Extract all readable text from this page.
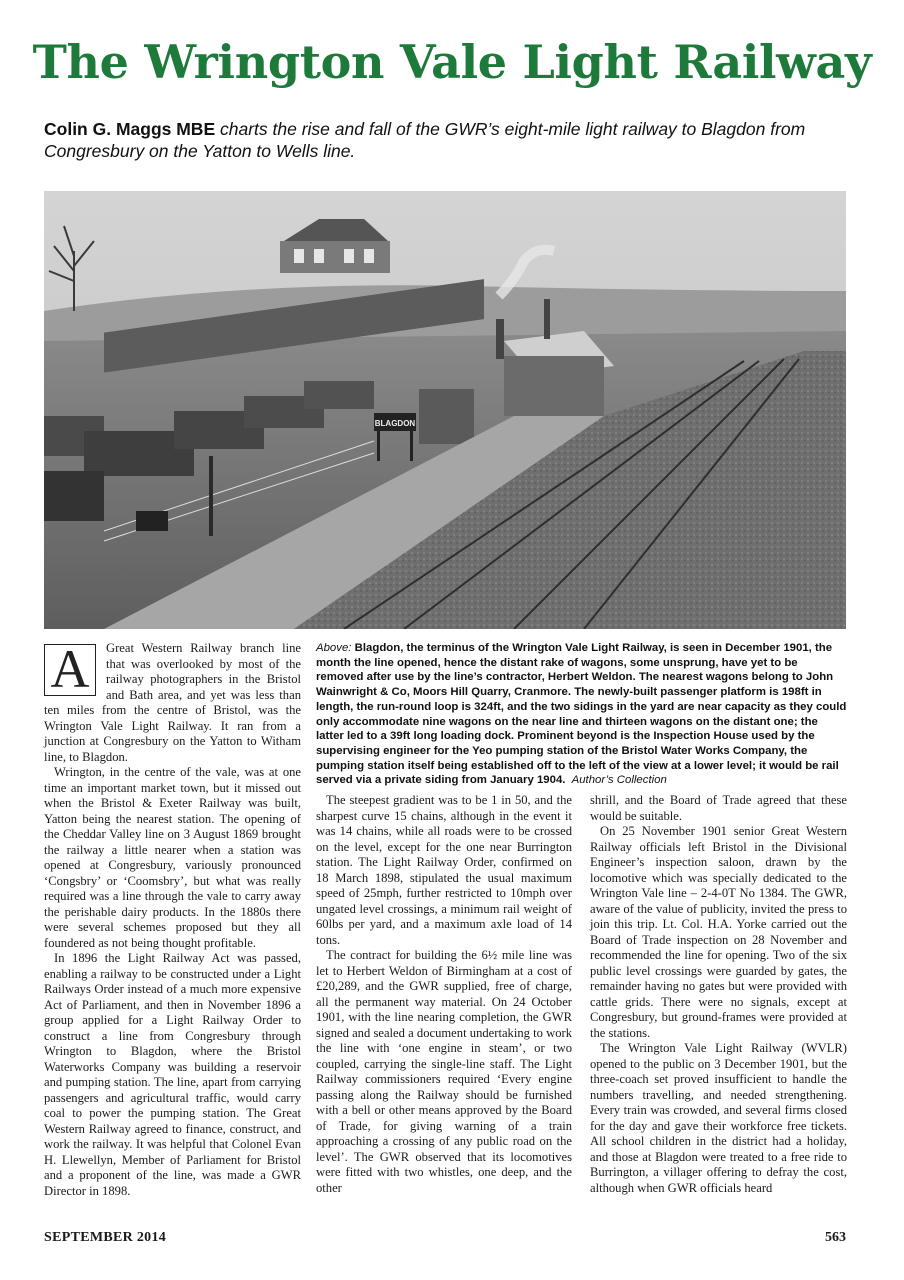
The Wrington Vale Light Railway

Colin G. Maggs MBE charts the rise and fall of the GWR’s eight-mile light railway to Blagdon from Congresbury on the Yatton to Wells line.

BLAGDON

A	Great Western Railway branch line that was overlooked by most of the railway photographers in the Bristol and Bath area, and yet was less than ten miles from the centre of Bristol, was the Wrington Vale Light Railway. It ran from a junction at Congresbury on the Yatton to Witham line, to Blagdon.

Wrington, in the centre of the vale, was at one time an important market town, but it missed out when the Bristol & Exeter Railway was built, Yatton being the nearest station. The opening of the Cheddar Valley line on 3 August 1869 brought the railway a little nearer when a station was opened at Congresbury, variously pronounced ‘Congsbry’ or ‘Coomsbry’, but what was really required was a line through the vale to carry away the perishable dairy products. In the 1880s there were several schemes proposed but they all foundered as not being thought profitable.

In 1896 the Light Railway Act was passed, enabling a railway to be constructed under a Light Railways Order instead of a much more expensive Act of Parliament, and then in November 1896 a group applied for a Light Railway Order to construct a line from Congresbury through Wrington to Blagdon, where the Bristol Waterworks Company was building a reservoir and pumping station. The line, apart from carrying passengers and agricultural traffic, would carry coal to power the pumping station. The Great Western Railway agreed to finance, construct, and work the railway. It was helpful that Colonel Evan H. Llewellyn, Member of Parliament for Bristol and a proponent of the line, was made a GWR Director in 1898.

Above: Blagdon, the terminus of the Wrington Vale Light Railway, is seen in December 1901, the month the line opened, hence the distant rake of wagons, some unsprung, have yet to be removed after use by the line’s contractor, Herbert Weldon. The nearest wagons belong to John Wainwright & Co, Moors Hill Quarry, Cranmore. The newly-built passenger platform is 198ft in length, the run-round loop is 324ft, and the two sidings in the yard are near capacity as they could only accommodate nine wagons on the near line and thirteen wagons on the distant one; the latter led to a 39ft long loading dock. Prominent beyond is the Inspection House used by the supervising engineer for the Yeo pumping station of the Bristol Water Works Company, the pumping station itself being established off to the left of the view at a lower level; it would be rail served via a private siding from January 1904. Author’s Collection

The steepest gradient was to be 1 in 50, and the sharpest curve 15 chains, although in the event it was 14 chains, while all roads were to be crossed on the level, except for the one near Burrington station. The Light Railway Order, confirmed on 18 March 1898, stipulated the usual maximum speed of 25mph, further restricted to 10mph over ungated level crossings, a minimum rail weight of 60lbs per yard, and a maximum axle load of 14 tons.

The contract for building the 6½ mile line was let to Herbert Weldon of Birmingham at a cost of £20,289, and the GWR supplied, free of charge, all the permanent way material. On 24 October 1901, with the line nearing completion, the GWR signed and sealed a document undertaking to work the line with ‘one engine in steam’, or two coupled, carrying the single-line staff. The Light Railway commissioners required ‘Every engine passing along the Railway should be furnished with a bell or other means approved by the Board of Trade, for giving warning of a train approaching a crossing of any public road on the level’. The GWR observed that its locomotives were fitted with two whistles, one deep, and the other

shrill, and the Board of Trade agreed that these would be suitable.

On 25 November 1901 senior Great Western Railway officials left Bristol in the Divisional Engineer’s inspection saloon, drawn by the locomotive which was specially dedicated to the Wrington Vale line – 2-4-0T No 1384. The GWR, aware of the value of publicity, invited the press to join this trip. Lt. Col. H.A. Yorke carried out the Board of Trade inspection on 28 November and recommended the line for opening. Two of the six public level crossings were guarded by gates, the remainder having no gates but were provided with cattle grids. There were no signals, except at Congresbury, but ground-frames were provided at the stations.

The Wrington Vale Light Railway (WVLR) opened to the public on 3 December 1901, but the three-coach set proved insufficient to handle the numbers travelling, and needed strengthening. Every train was crowded, and several firms closed for the day and gave their workforce free tickets. All school children in the district had a holiday, and those at Blagdon were treated to a free ride to Burrington, a villager offering to defray the cost, although when GWR officials heard

SEPTEMBER 2014	563
